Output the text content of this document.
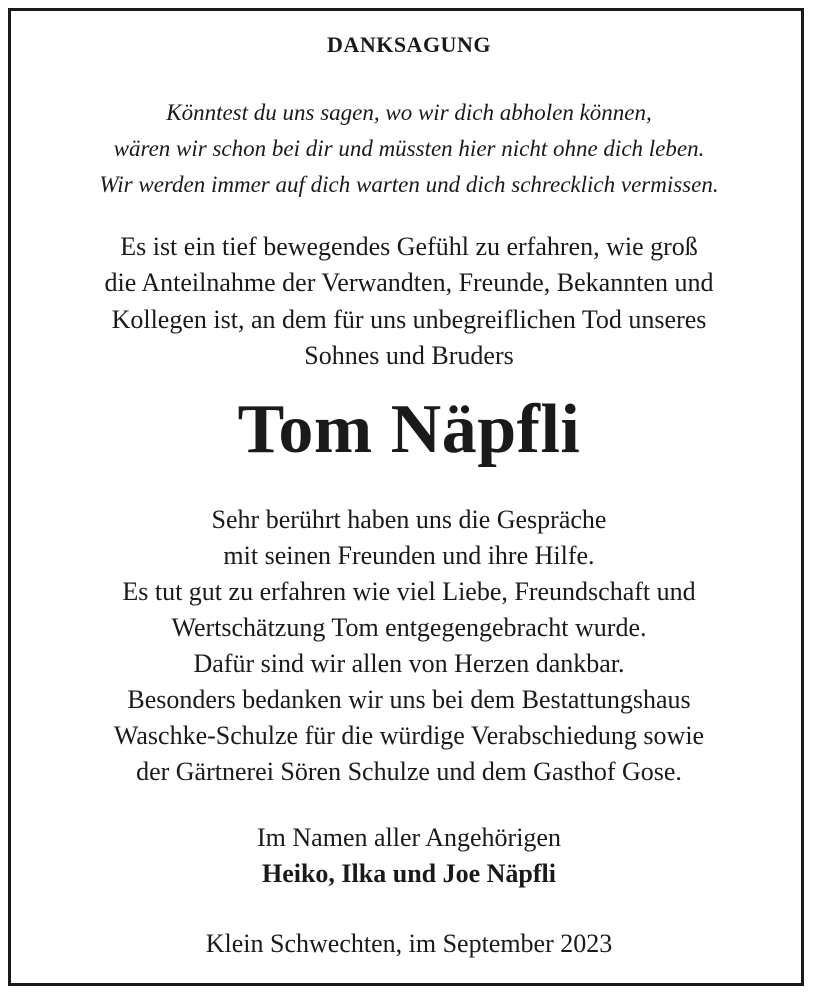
DANKSAGUNG

Könntest du uns sagen, wo wir dich abholen können,

wären wir schon bei dir und müssten hier nicht ohne dich leben.

Wir werden immer auf dich warten und dich schrecklich vermissen.

Es ist ein tief bewegendes Gefühl zu erfahren, wie groß

die Anteilnahme der Verwandten, Freunde, Bekannten und

Kollegen ist, an dem für uns unbegreiflichen Tod unseres

Sohnes und Bruders

Tom Näpfli

Sehr berührt haben uns die Gespräche

mit seinen Freunden und ihre Hilfe.

Es tut gut zu erfahren wie viel Liebe, Freundschaft und

Wertschätzung Tom entgegengebracht wurde.

Dafür sind wir allen von Herzen dankbar.

Besonders bedanken wir uns bei dem Bestattungshaus

Waschke-Schulze für die würdige Verabschiedung sowie

der Gärtnerei Sören Schulze und dem Gasthof Gose.

Im Namen aller Angehörigen

Heiko, Ilka und Joe Näpfli

Klein Schwechten, im September 2023
